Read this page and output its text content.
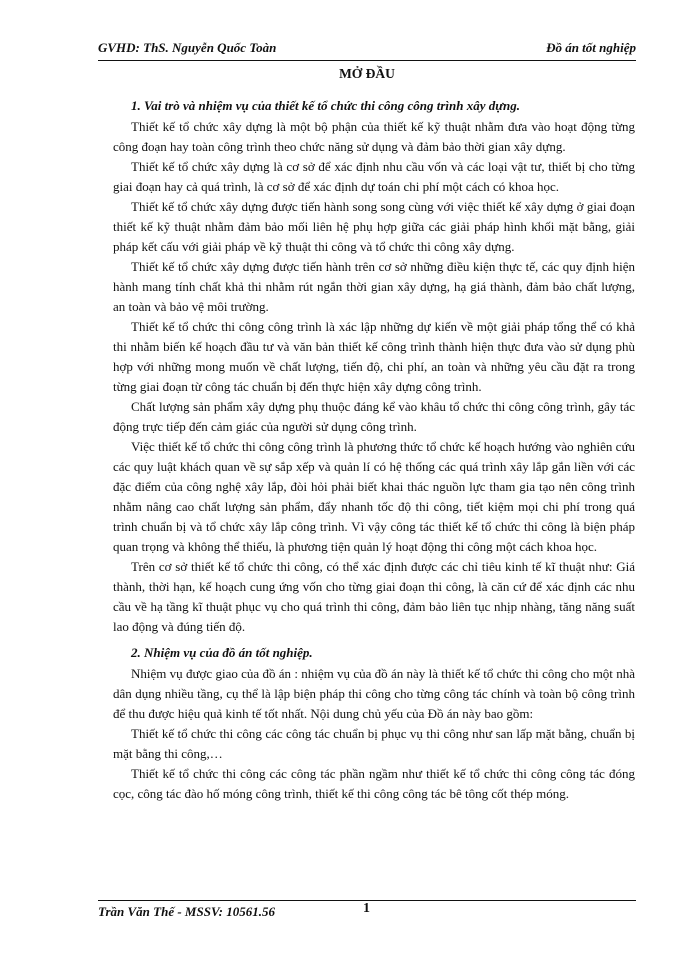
GVHD: ThS. Nguyễn Quốc Toàn	Đồ án tốt nghiệp
MỞ ĐẦU
1. Vai trò và nhiệm vụ của thiết kế tổ chức thi công công trình xây dựng.

Thiết kế tổ chức xây dựng là một bộ phận của thiết kế kỹ thuật nhằm đưa vào hoạt động từng công đoạn hay toàn công trình theo chức năng sử dụng và đảm bảo thời gian xây dựng.

Thiết kế tổ chức xây dựng là cơ sở để xác định nhu cầu vốn và các loại vật tư, thiết bị cho từng giai đoạn hay cả quá trình, là cơ sở để xác định dự toán chi phí một cách có khoa học.

Thiết kế tổ chức xây dựng được tiến hành song song cùng với việc thiết kế xây dựng ở giai đoạn thiết kế kỹ thuật nhằm đảm bảo mối liên hệ phụ hợp giữa các giải pháp hình khối mặt bằng, giải pháp kết cấu với giải pháp về kỹ thuật thi công và tổ chức thi công xây dựng.

Thiết kế tổ chức xây dựng được tiến hành trên cơ sở những điều kiện thực tế, các quy định hiện hành mang tính chất khả thi nhằm rút ngắn thời gian xây dựng, hạ giá thành, đảm bảo chất lượng, an toàn và bảo vệ môi trường.

Thiết kế tổ chức thi công công trình là xác lập những dự kiến về một giải pháp tổng thể có khả thi nhằm biến kế hoạch đầu tư và văn bản thiết kế công trình thành hiện thực đưa vào sử dụng phù hợp với những mong muốn về chất lượng, tiến độ, chi phí, an toàn và những yêu cầu đặt ra trong từng giai đoạn từ công tác chuẩn bị đến thực hiện xây dựng công trình.

Chất lượng sản phẩm xây dựng phụ thuộc đáng kể vào khâu tổ chức thi công công trình, gây tác động trực tiếp đến cảm giác của người sử dụng công trình.

Việc thiết kế tổ chức thi công công trình là phương thức tổ chức kế hoạch hướng vào nghiên cứu các quy luật khách quan về sự sắp xếp và quản lí có hệ thống các quá trình xây lắp gắn liền với các đặc điểm của công nghệ xây lắp, đòi hỏi phải biết khai thác nguồn lực tham gia tạo nên công trình nhằm nâng cao chất lượng sản phẩm, đẩy nhanh tốc độ thi công, tiết kiệm mọi chi phí trong quá trình chuẩn bị và tổ chức xây lắp công trình. Vì vậy công tác thiết kế tổ chức thi công là biện pháp quan trọng và không thể thiếu, là phương tiện quản lý hoạt động thi công một cách khoa học.

Trên cơ sở thiết kế tổ chức thi công, có thể xác định được các chỉ tiêu kinh tế kĩ thuật như: Giá thành, thời hạn, kế hoạch cung ứng vốn cho từng giai đoạn thi công, là căn cứ để xác định các nhu cầu về hạ tầng kĩ thuật phục vụ cho quá trình thi công, đảm bảo liên tục nhịp nhàng, tăng năng suất lao động và đúng tiến độ.

2. Nhiệm vụ của đồ án tốt nghiệp.

Nhiệm vụ được giao của đồ án : nhiệm vụ của đồ án này là thiết kế tổ chức thi công cho một nhà dân dụng nhiều tầng, cụ thể là lập biện pháp thi công cho từng công tác chính và toàn bộ công trình để thu được hiệu quả kinh tế tốt nhất. Nội dung chủ yếu của Đồ án này bao gồm:

Thiết kế tổ chức thi công các công tác chuẩn bị phục vụ thi công như san lấp mặt bằng, chuẩn bị mặt bằng thi công,…

Thiết kế tổ chức thi công các công tác phần ngầm như thiết kế tổ chức thi công công tác đóng cọc, công tác đào hố móng công trình, thiết kế thi công công tác bê tông cốt thép móng.

Trần Văn Thế - MSSV: 10561.56	1
